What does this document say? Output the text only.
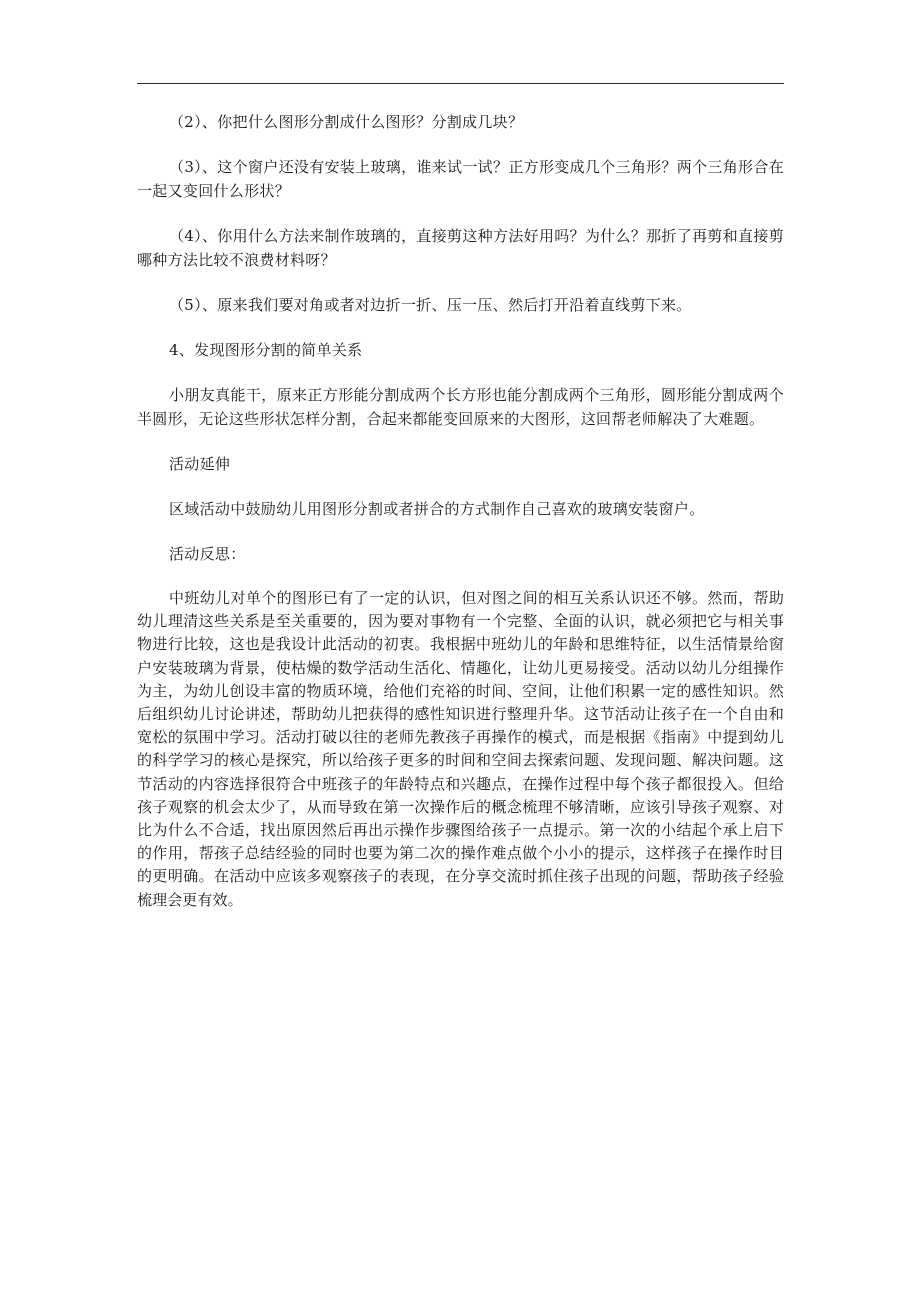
（2）、你把什么图形分割成什么图形？分割成几块？

（3）、这个窗户还没有安装上玻璃，谁来试一试？正方形变成几个三角形？两个三角形合在一起又变回什么形状？

（4）、你用什么方法来制作玻璃的，直接剪这种方法好用吗？为什么？那折了再剪和直接剪哪种方法比较不浪费材料呀？

（5）、原来我们要对角或者对边折一折、压一压、然后打开沿着直线剪下来。

4、发现图形分割的简单关系

小朋友真能干，原来正方形能分割成两个长方形也能分割成两个三角形，圆形能分割成两个半圆形，无论这些形状怎样分割，合起来都能变回原来的大图形，这回帮老师解决了大难题。

活动延伸

区域活动中鼓励幼儿用图形分割或者拼合的方式制作自己喜欢的玻璃安装窗户。

活动反思：

中班幼儿对单个的图形已有了一定的认识，但对图之间的相互关系认识还不够。然而，帮助幼儿理清这些关系是至关重要的，因为要对事物有一个完整、全面的认识，就必须把它与相关事物进行比较，这也是我设计此活动的初衷。我根据中班幼儿的年龄和思维特征，以生活情景给窗户安装玻璃为背景，使枯燥的数学活动生活化、情趣化，让幼儿更易接受。活动以幼儿分组操作为主，为幼儿创设丰富的物质环境，给他们充裕的时间、空间，让他们积累一定的感性知识。然后组织幼儿讨论讲述，帮助幼儿把获得的感性知识进行整理升华。这节活动让孩子在一个自由和宽松的氛围中学习。活动打破以往的老师先教孩子再操作的模式，而是根据《指南》中提到幼儿的科学学习的核心是探究，所以给孩子更多的时间和空间去探索问题、发现问题、解决问题。这节活动的内容选择很符合中班孩子的年龄特点和兴趣点，在操作过程中每个孩子都很投入。但给孩子观察的机会太少了，从而导致在第一次操作后的概念梳理不够清晰，应该引导孩子观察、对比为什么不合适，找出原因然后再出示操作步骤图给孩子一点提示。第一次的小结起个承上启下的作用，帮孩子总结经验的同时也要为第二次的操作难点做个小小的提示，这样孩子在操作时目的更明确。在活动中应该多观察孩子的表现，在分享交流时抓住孩子出现的问题，帮助孩子经验梳理会更有效。
